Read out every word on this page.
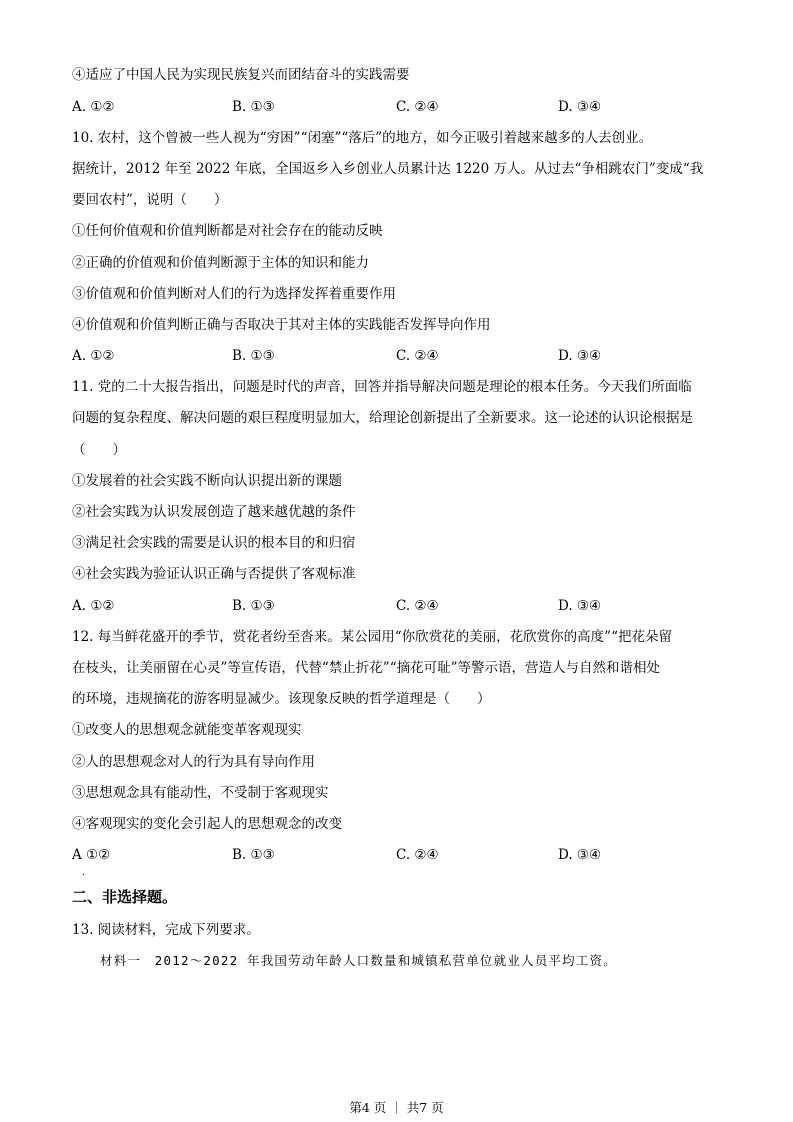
④适应了中国人民为实现民族复兴而团结奋斗的实践需要
A. ①②	B. ①③	C. ②④	D. ③④
10. 农村，这个曾被一些人视为“穷困”“闭塞”“落后”的地方，如今正吸引着越来越多的人去创业。
据统计，2012 年至 2022 年底，全国返乡入乡创业人员累计达 1220 万人。从过去“争相跳农门”变成“我
要回农村”，说明（　　）
①任何价值观和价值判断都是对社会存在的能动反映
②正确的价值观和价值判断源于主体的知识和能力
③价值观和价值判断对人们的行为选择发挥着重要作用
④价值观和价值判断正确与否取决于其对主体的实践能否发挥导向作用
A. ①②	B. ①③	C. ②④	D. ③④
11. 党的二十大报告指出，问题是时代的声音，回答并指导解决问题是理论的根本任务。今天我们所面临
问题的复杂程度、解决问题的艰巨程度明显加大，给理论创新提出了全新要求。这一论述的认识论根据是
（　　）
①发展着的社会实践不断向认识提出新的课题
②社会实践为认识发展创造了越来越优越的条件
③满足社会实践的需要是认识的根本目的和归宿
④社会实践为验证认识正确与否提供了客观标准
A. ①②	B. ①③	C. ②④	D. ③④
12. 每当鲜花盛开的季节，赏花者纷至沓来。某公园用“你欣赏花的美丽，花欣赏你的高度”“把花朵留
在枝头，让美丽留在心灵”等宣传语，代替“禁止折花”“摘花可耻”等警示语，营造人与自然和谐相处
的环境，违规摘花的游客明显减少。该现象反映的哲学道理是（　　）
①改变人的思想观念就能变革客观现实
②人的思想观念对人的行为具有导向作用
③思想观念具有能动性，不受制于客观现实
④客观现实的变化会引起人的思想观念的改变
A ①②	B. ①③	C. ②④	D. ③④
.
二、非选择题。
13. 阅读材料，完成下列要求。
材料一　2012～2022 年我国劳动年龄人口数量和城镇私营单位就业人员平均工资。
第4 页 ｜ 共7 页
